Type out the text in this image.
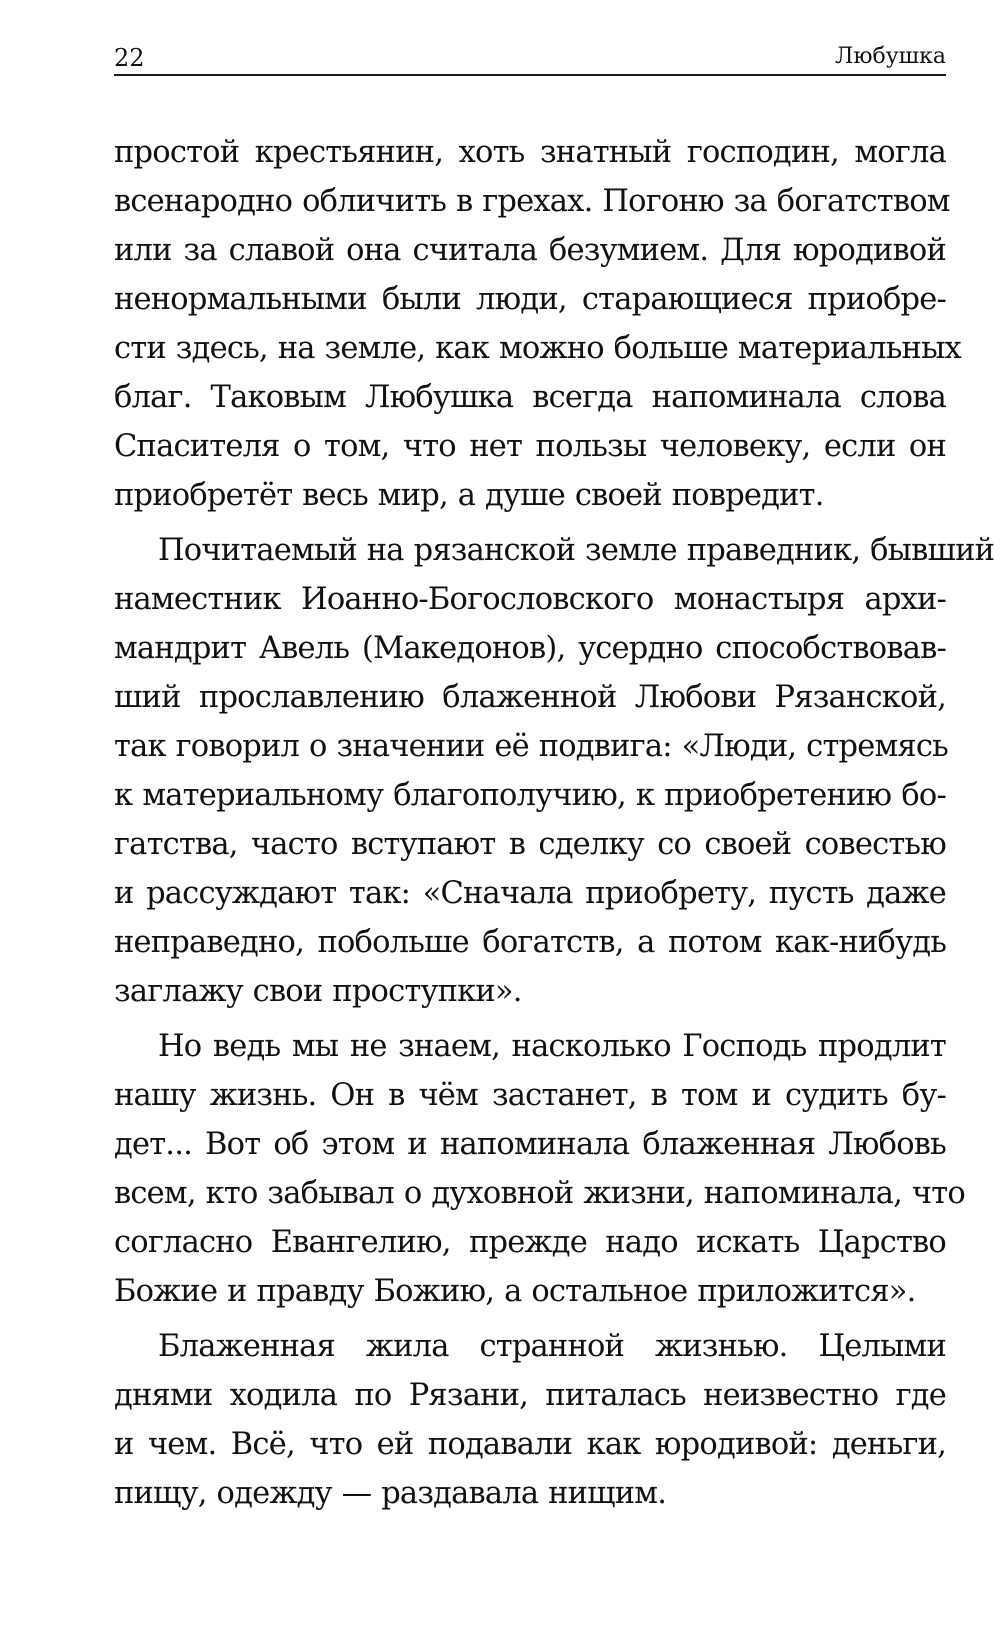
22	Любушка
простой крестьянин, хоть знатный господин, могла
всенародно обличить в грехах. Погоню за богатством
или за славой она считала безумием. Для юродивой
ненормальными были люди, старающиеся приобре-
сти здесь, на земле, как можно больше материальных
благ. Таковым Любушка всегда напоминала слова
Спасителя о том, что нет пользы человеку, если он
приобретёт весь мир, а душе своей повредит.
Почитаемый на рязанской земле праведник, бывший
наместник Иоанно-Богословского монастыря архи-
мандрит Авель (Македонов), усердно способствовав-
ший прославлению блаженной Любови Рязанской,
так говорил о значении её подвига: «Люди, стремясь
к материальному благополучию, к приобретению бо-
гатства, часто вступают в сделку со своей совестью
и рассуждают так: «Сначала приобрету, пусть даже
неправедно, побольше богатств, а потом как-нибудь
заглажу свои проступки».
Но ведь мы не знаем, насколько Господь продлит
нашу жизнь. Он в чём застанет, в том и судить бу-
дет... Вот об этом и напоминала блаженная Любовь
всем, кто забывал о духовной жизни, напоминала, что
согласно Евангелию, прежде надо искать Царство
Божие и правду Божию, а остальное приложится».
Блаженная жила странной жизнью. Целыми
днями ходила по Рязани, питалась неизвестно где
и чем. Всё, что ей подавали как юродивой: деньги,
пищу, одежду — раздавала нищим.
